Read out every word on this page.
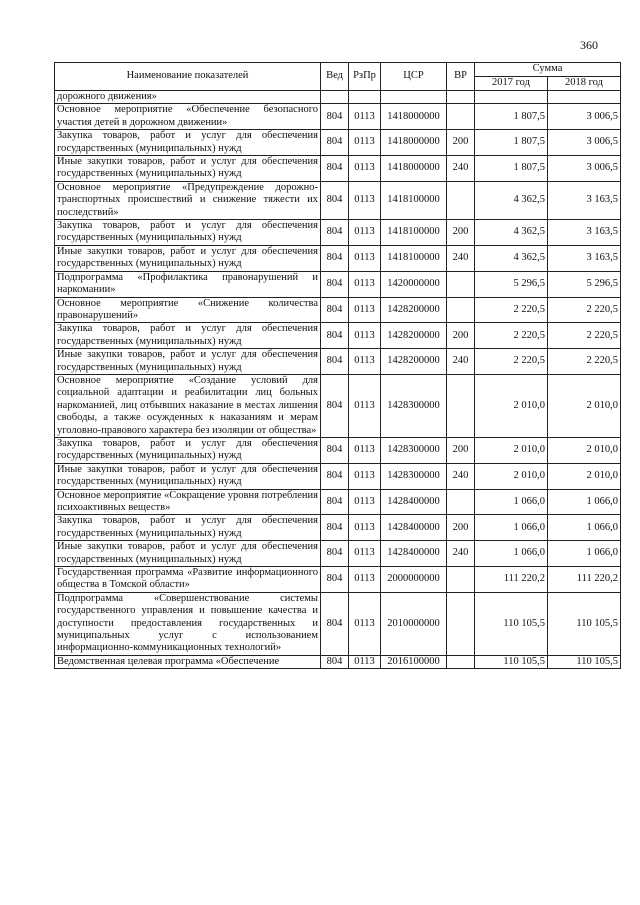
360
Наименование показателей	Вед	РзПр	ЦСР	ВР	Сумма	
					2017 год	2018 год
дорожного движения»						
Основное мероприятие «Обеспечение безопасного участия детей в дорожном движении»	804	0113	1418000000		1 807,5	3 006,5
Закупка товаров, работ и услуг для обеспечения государственных (муниципальных) нужд	804	0113	1418000000	200	1 807,5	3 006,5
Иные закупки товаров, работ и услуг для обеспечения государственных (муниципальных) нужд	804	0113	1418000000	240	1 807,5	3 006,5
Основное мероприятие «Предупреждение дорожно-транспортных происшествий и снижение тяжести их последствий»	804	0113	1418100000		4 362,5	3 163,5
Закупка товаров, работ и услуг для обеспечения государственных (муниципальных) нужд	804	0113	1418100000	200	4 362,5	3 163,5
Иные закупки товаров, работ и услуг для обеспечения государственных (муниципальных) нужд	804	0113	1418100000	240	4 362,5	3 163,5
Подпрограмма «Профилактика правонарушений и наркомании»	804	0113	1420000000		5 296,5	5 296,5
Основное мероприятие «Снижение количества правонарушений»	804	0113	1428200000		2 220,5	2 220,5
Закупка товаров, работ и услуг для обеспечения государственных (муниципальных) нужд	804	0113	1428200000	200	2 220,5	2 220,5
Иные закупки товаров, работ и услуг для обеспечения государственных (муниципальных) нужд	804	0113	1428200000	240	2 220,5	2 220,5
Основное мероприятие «Создание условий для социальной адаптации и реабилитации лиц больных наркоманией, лиц отбывших наказание в местах лишения свободы, а также осужденных к наказаниям и мерам уголовно-правового характера без изоляции от общества»	804	0113	1428300000		2 010,0	2 010,0
Закупка товаров, работ и услуг для обеспечения государственных (муниципальных) нужд	804	0113	1428300000	200	2 010,0	2 010,0
Иные закупки товаров, работ и услуг для обеспечения государственных (муниципальных) нужд	804	0113	1428300000	240	2 010,0	2 010,0
Основное мероприятие «Сокращение уровня потребления психоактивных веществ»	804	0113	1428400000		1 066,0	1 066,0
Закупка товаров, работ и услуг для обеспечения государственных (муниципальных) нужд	804	0113	1428400000	200	1 066,0	1 066,0
Иные закупки товаров, работ и услуг для обеспечения государственных (муниципальных) нужд	804	0113	1428400000	240	1 066,0	1 066,0
Государственная программа «Развитие информационного общества в Томской области»	804	0113	2000000000		111 220,2	111 220,2
Подпрограмма «Совершенствование системы государственного управления и повышение качества и доступности предоставления государственных и муниципальных услуг с использованием информационно-коммуникационных технологий»	804	0113	2010000000		110 105,5	110 105,5
Ведомственная целевая программа «Обеспечение	804	0113	2016100000		110 105,5	110 105,5
